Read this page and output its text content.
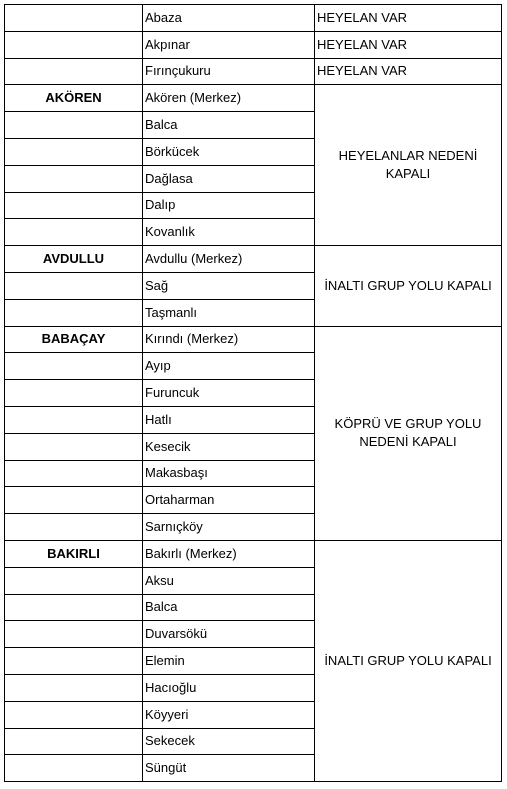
	Abaza	HEYELAN VAR
	Akpınar	HEYELAN VAR
	Fırınçukuru	HEYELAN VAR
AKÖREN	Akören (Merkez)	HEYELANLAR NEDENİ KAPALI
	Balca	
	Börkücek	
	Dağlasa	
	Dalıp	
	Kovanlık	
AVDULLU	Avdullu (Merkez)	İNALTI GRUP YOLU KAPALI
	Sağ	
	Taşmanlı	
BABAÇAY	Kırındı (Merkez)	KÖPRÜ VE GRUP YOLU NEDENİ KAPALI
	Ayıp	
	Furuncuk	
	Hatlı	
	Kesecik	
	Makasbaşı	
	Ortaharman	
	Sarnıçköy	
BAKIRLI	Bakırlı (Merkez)	İNALTI GRUP YOLU KAPALI
	Aksu	
	Balca	
	Duvarsökü	
	Elemin	
	Hacıoğlu	
	Köyyeri	
	Sekecek	
	Süngüt	
